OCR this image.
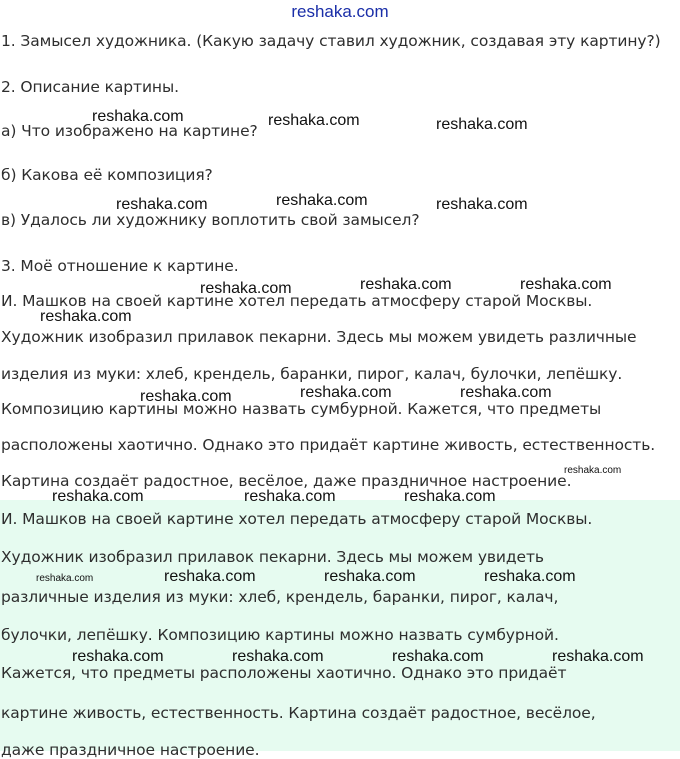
reshaka.com
1. Замысел художника. (Какую задачу ставил художник, создавая эту картину?)
2. Описание картины.
а) Что изображено на картине?
б) Какова её композиция?
в) Удалось ли художнику воплотить свой замысел?
3. Моё отношение к картине.
И. Машков на своей картине хотел передать атмосферу старой Москвы.
Художник изобразил прилавок пекарни. Здесь мы можем увидеть различные
изделия из муки: хлеб, крендель, баранки, пирог, калач, булочки, лепёшку.
Композицию картины можно назвать сумбурной. Кажется, что предметы
расположены хаотично. Однако это придаёт картине живость, естественность.
Картина создаёт радостное, весёлое, даже праздничное настроение.
И. Машков на своей картине хотел передать атмосферу старой Москвы.
Художник изобразил прилавок пекарни. Здесь мы можем увидеть
различные изделия из муки: хлеб, крендель, баранки, пирог, калач,
булочки, лепёшку. Композицию картины можно назвать сумбурной.
Кажется, что предметы расположены хаотично. Однако это придаёт
картине живость, естественность. Картина создаёт радостное, весёлое,
даже праздничное настроение.
reshaka.com	reshaka.com	reshaka.com
reshaka.com	reshaka.com	reshaka.com
reshaka.com	reshaka.com	reshaka.com
reshaka.com
reshaka.com	reshaka.com	reshaka.com
reshaka.com
reshaka.com	reshaka.com	reshaka.com
reshaka.com	reshaka.com	reshaka.com	reshaka.com
reshaka.com	reshaka.com	reshaka.com	reshaka.com
